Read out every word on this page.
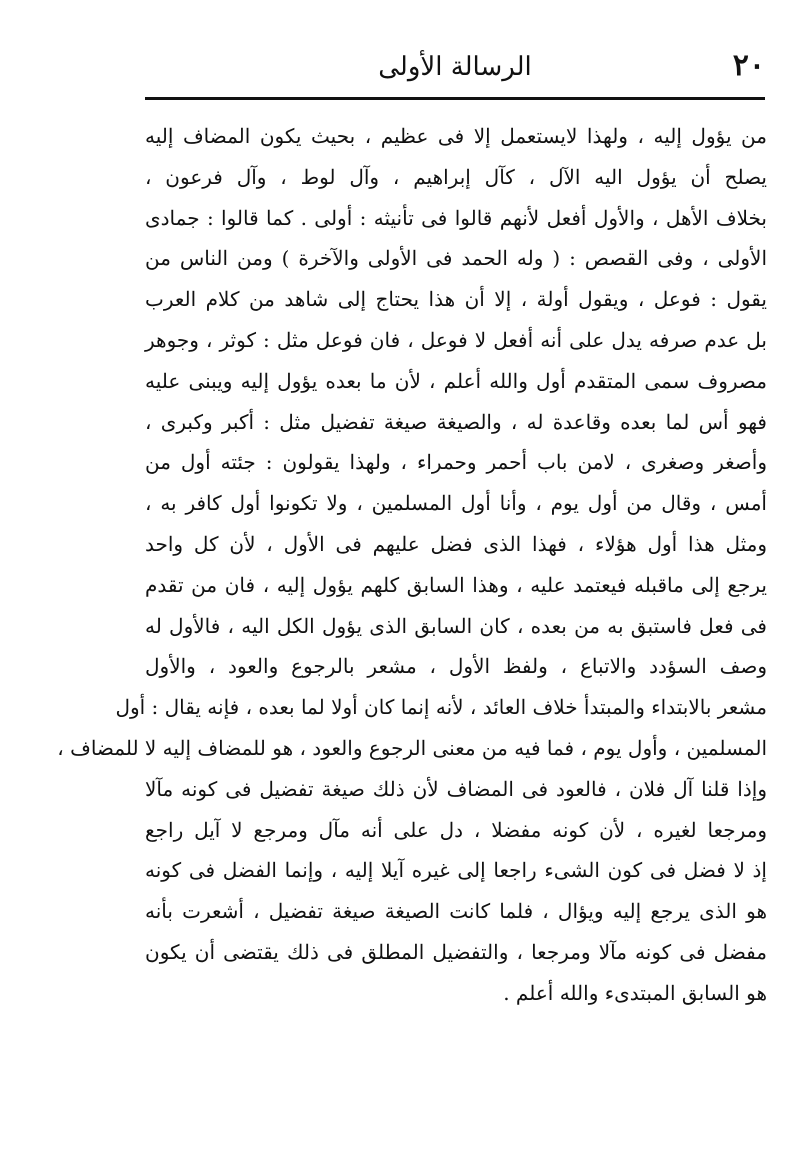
٢٠
الرسالة الأولى
من يؤول إليه ، ولهذا لايستعمل إلا فى عظيم ، بحيث يكون المضاف إليه
يصلح أن يؤول اليه الآل ، كآل إبراهيم ، وآل لوط ، وآل فرعون ،
بخلاف الأهل ، والأول أفعل لأنهم قالوا فى تأنيثه : أولى . كما قالوا : جمادى
الأولى ، وفى القصص : ( وله الحمد فى الأولى والآخرة ) ومن الناس من
يقول : فوعل ، ويقول أولة ، إلا أن هذا يحتاج إلى شاهد من كلام العرب
بل عدم صرفه يدل على أنه أفعل لا فوعل ، فان فوعل مثل : كوثر ، وجوهر
مصروف سمى المتقدم أول والله أعلم ، لأن ما بعده يؤول إليه ويبنى عليه
فهو أس لما بعده وقاعدة له ، والصيغة صيغة تفضيل مثل : أكبر وكبرى ،
وأصغر وصغرى ، لامن باب أحمر وحمراء ، ولهذا يقولون : جئته أول من
أمس ، وقال من أول يوم ، وأنا أول المسلمين ، ولا تكونوا أول كافر به ،
ومثل هذا أول هؤلاء ، فهذا الذى فضل عليهم فى الأول ، لأن كل واحد
يرجع إلى ماقبله فيعتمد عليه ، وهذا السابق كلهم يؤول إليه ، فان من تقدم
فى فعل فاستبق به من بعده ، كان السابق الذى يؤول الكل اليه ، فالأول له
وصف السؤدد والاتباع ، ولفظ الأول ، مشعر بالرجوع والعود ، والأول
مشعر بالابتداء والمبتدأ خلاف العائد ، لأنه إنما كان أولا لما بعده ، فإنه يقال : أول
المسلمين ، وأول يوم ، فما فيه من معنى الرجوع والعود ، هو للمضاف إليه لا للمضاف ،
وإذا قلنا آل فلان ، فالعود فى المضاف لأن ذلك صيغة تفضيل فى كونه مآلا
ومرجعا لغيره ، لأن كونه مفضلا ، دل على أنه مآل ومرجع لا آيل راجع
إذ لا فضل فى كون الشىء راجعا إلى غيره آيلا إليه ، وإنما الفضل فى كونه
هو الذى يرجع إليه ويؤال ، فلما كانت الصيغة صيغة تفضيل ، أشعرت بأنه
مفضل فى كونه مآلا ومرجعا ، والتفضيل المطلق فى ذلك يقتضى أن يكون
هو السابق المبتدىء والله أعلم .
